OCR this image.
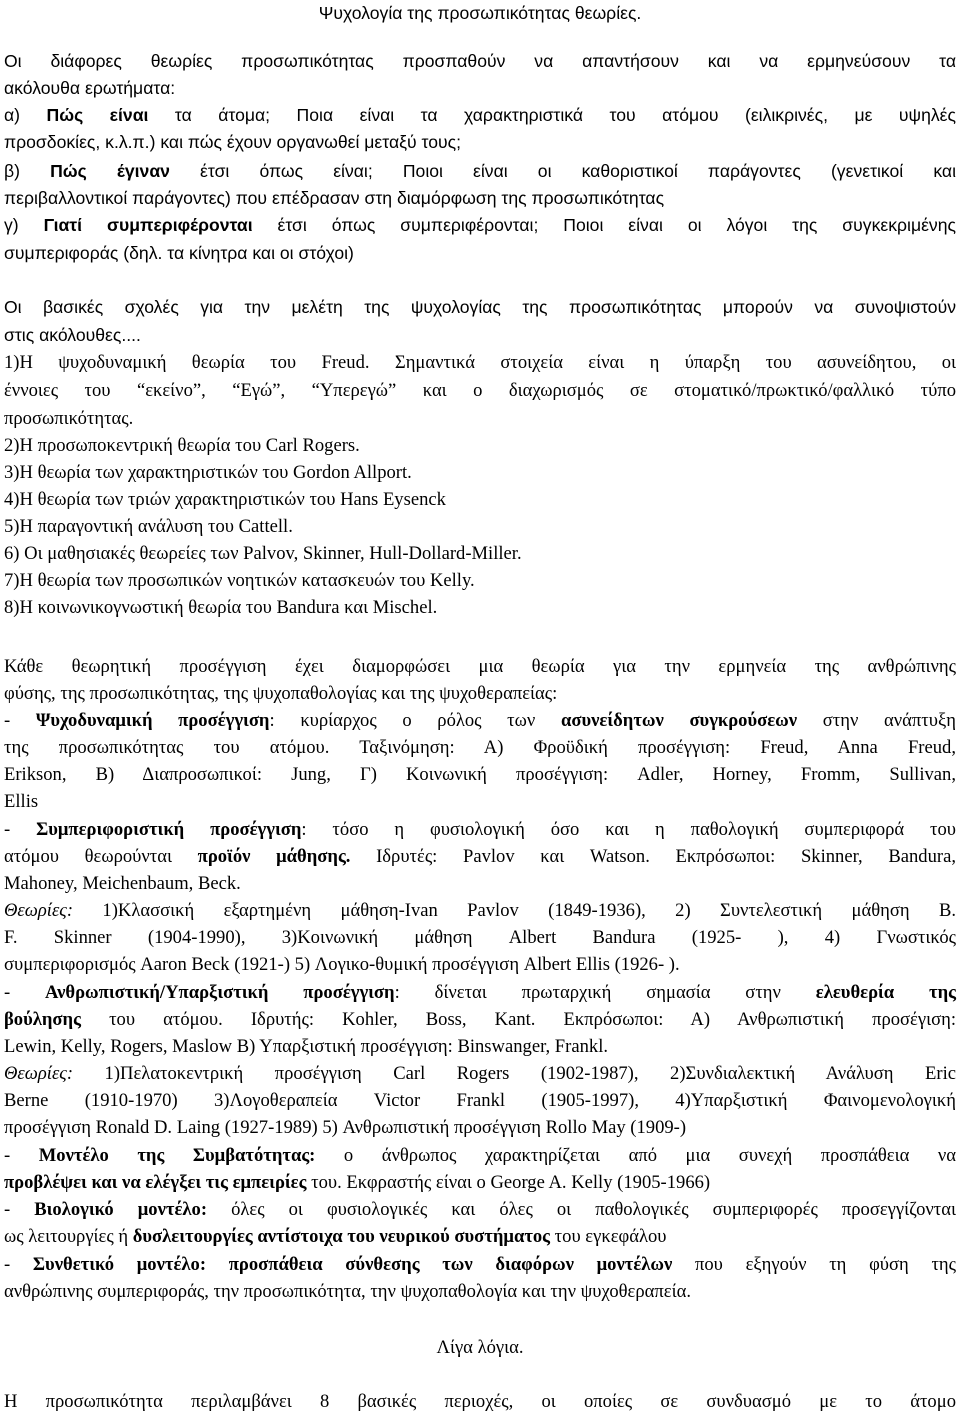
Ψυχολογία της προσωπικότητας θεωρίες.
Οι διάφορες θεωρίες προσωπικότητας προσπαθούν να απαντήσουν και να ερμηνεύσουν τα
ακόλουθα ερωτήματα:
α) Πώς είναι τα άτομα; Ποια είναι τα χαρακτηριστικά του ατόμου (ειλικρινές, με υψηλές
προσδοκίες, κ.λ.π.) και πώς έχουν οργανωθεί μεταξύ τους;
β) Πώς έγιναν έτσι όπως είναι; Ποιοι είναι οι καθοριστικοί παράγοντες (γενετικοί και
περιβαλλοντικοί παράγοντες) που επέδρασαν στη διαμόρφωση της προσωπικότητας
γ) Γιατί συμπεριφέρονται έτσι όπως συμπεριφέρονται; Ποιοι είναι οι λόγοι της συγκεκριμένης
συμπεριφοράς (δηλ. τα κίνητρα και οι στόχοι)
Οι βασικές σχολές για την μελέτη της ψυχολογίας της προσωπικότητας μπορούν να συνοψιστούν
στις ακόλουθες....
1)Η ψυχοδυναμική θεωρία του Freud. Σημαντικά στοιχεία είναι η ύπαρξη του ασυνείδητου, οι
έννοιες του “εκείνο”, “Εγώ”, “Υπερεγώ” και ο διαχωρισμός σε στοματικό/πρωκτικό/φαλλικό τύπο
προσωπικότητας.
2)Η προσωποκεντρική θεωρία του Carl Rogers.
3)Η θεωρία των χαρακτηριστικών του Gordon Allport.
4)Η θεωρία των τριών χαρακτηριστικών του Hans Eysenck
5)Η παραγοντική ανάλυση του Cattell.
6) Οι μαθησιακές θεωρείες των Palvov, Skinner, Hull-Dollard-Miller.
7)Η θεωρία των προσωπικών νοητικών κατασκευών του Kelly.
8)Η κοινωνικογνωστική θεωρία του Bandura και Mischel.
Κάθε θεωρητική προσέγγιση έχει διαμορφώσει μια θεωρία για την ερμηνεία της ανθρώπινης
φύσης, της προσωπικότητας, της ψυχοπαθολογίας και της ψυχοθεραπείας:
- Ψυχοδυναμική προσέγγιση: κυρίαρχος ο ρόλος των ασυνείδητων συγκρούσεων στην ανάπτυξη
της προσωπικότητας του ατόμου. Ταξινόμηση: Α) Φροϋδική προσέγγιση: Freud, Anna Freud,
Erikson, Β) Διαπροσωπικοί: Jung, Γ) Κοινωνική προσέγγιση: Adler, Horney, Fromm, Sullivan,
Ellis
- Συμπεριφοριστική προσέγγιση: τόσο η φυσιολογική όσο και η παθολογική συμπεριφορά του
ατόμου θεωρούνται προϊόν μάθησης. Ιδρυτές: Pavlov και Watson. Εκπρόσωποι: Skinner, Bandura,
Mahoney, Meichenbaum, Beck.
Θεωρίες: 1)Κλασσική εξαρτημένη μάθηση-Ivan Pavlov (1849-1936), 2) Συντελεστική μάθηση Β.
F. Skinner (1904-1990), 3)Κοινωνική μάθηση Albert Bandura (1925- ), 4) Γνωστικός
συμπεριφορισμός Aaron Beck (1921-) 5) Λογικο-θυμική προσέγγιση Albert Ellis (1926- ).
- Ανθρωπιστική/Υπαρξιστική προσέγγιση: δίνεται πρωταρχική σημασία στην ελευθερία της
βούλησης του ατόμου. Ιδρυτής: Kohler, Boss, Kant. Εκπρόσωποι: Α) Ανθρωπιστική προσέγιση:
Lewin, Kelly, Rogers, Maslow Β) Υπαρξιστική προσέγγιση: Binswanger, Frankl.
Θεωρίες: 1)Πελατοκεντρική προσέγγιση Carl Rogers (1902-1987), 2)Συνδιαλεκτική Ανάλυση Eric
Berne (1910-1970) 3)Λογοθεραπεία Victor Frankl (1905-1997), 4)Υπαρξιστική Φαινομενολογική
προσέγγιση Ronald D. Laing (1927-1989) 5) Ανθρωπιστική προσέγγιση Rollo May (1909-)
- Μοντέλο της Συμβατότητας: ο άνθρωπος χαρακτηρίζεται από μια συνεχή προσπάθεια να
προβλέψει και να ελέγξει τις εμπειρίες του. Εκφραστής είναι ο George A. Kelly (1905-1966)
- Βιολογικό μοντέλο: όλες οι φυσιολογικές και όλες οι παθολογικές συμπεριφορές προσεγγίζονται
ως λειτουργίες ή δυσλειτουργίες αντίστοιχα του νευρικού συστήματος του εγκεφάλου
- Συνθετικό μοντέλο: προσπάθεια σύνθεσης των διαφόρων μοντέλων που εξηγούν τη φύση της
ανθρώπινης συμπεριφοράς, την προσωπικότητα, την ψυχοπαθολογία και την ψυχοθεραπεία.
Λίγα λόγια.
Η προσωπικότητα περιλαμβάνει 8 βασικές περιοχές, οι οποίες σε συνδυασμό με το άτομο
